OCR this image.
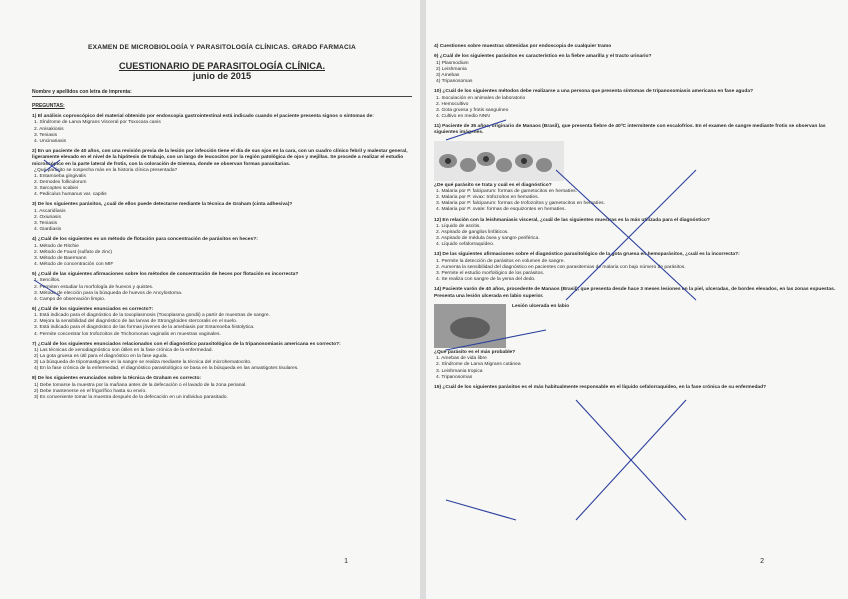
EXAMEN DE MICROBIOLOGÍA Y PARASITOLOGÍA CLÍNICAS. GRADO FARMACIA

CUESTIONARIO DE PARASITOLOGÍA CLÍNICA.

junio de 2015

Nombre y apellidos con letra de imprenta:

PREGUNTAS:

1) El análisis coproscópico del material obtenido por endoscopia gastrointestinal está indicado cuando el paciente presenta signos o síntomas de:

1. Síndrome de Larva Migrans Visceral por Toxocara canis

2. Anisakiosis

3. Teniasis

4. Uncinariasis

2) En un paciente de 40 años, con una revisión previa de la lesión por infección tiene el día de sus ojos en la cara, con un cuadro clínico febril y malestar general, ligeramente elevado en el nivel de la hipótesis de trabajo, con un largo de leucocitos por la región patológica de ojos y mejillas. Se procede a realizar el estudio microscópico en la parte lateral de frotis, con la coloración de Giemsa, donde se observan formas parasitarias.

¿Qué parásito se sospecha más en la historia clínica presentada?

1. Entamoeba gingivalis

2. Demodex folliculorum

3. Sarcoptes scabiei

4. Pediculus humanus var. capitis

3) De los siguientes parásitos, ¿cuál de ellos puede detectarse mediante la técnica de Graham (cinta adhesiva)?

1. Ascaridíasis

2. Oxiuriasis

3. Teniasis

4. Giardiasis

4) ¿Cuál de los siguientes es un método de flotación para concentración de parásitos en heces?:

1. Método de Ritchie

2. Método de Faust (sulfato de zinc)

3. Método de Baermann

4. Método de concentración con MIF

5) ¿Cuál de las siguientes afirmaciones sobre los métodos de concentración de heces por flotación es incorrecta?

1. Sencillos.

2. Permiten estudiar la morfología de huevos y quistes.

3. Método de elección para la búsqueda de huevos de Ancylostoma.

4. Campo de observación limpio.

6) ¿Cuál de los siguientes enunciados es correcto?:

1. Está indicado para el diagnóstico de la toxoplasmosis (Toxoplasma gondii) a partir de muestras de sangre.

2. Mejora la sensibilidad del diagnóstico de las larvas de Strongyloides stercoralis en el suelo.

3. Está indicado para el diagnóstico de las formas jóvenes de la amebiasis por Entamoeba histolytica.

4. Permite concentrar los trofozoítos de Trichomonas vaginalis en muestras vaginales.

7) ¿Cuál de los siguientes enunciados relacionados con el diagnóstico parasitológico de la tripanosomiasis americana es correcto?:

1) Las técnicas de xenodiagnóstico son útiles en la fase crónica de la enfermedad.

2) La gota gruesa es útil para el diagnóstico en la fase aguda.

3) La búsqueda de tripomastigotes en la sangre se realiza mediante la técnica del microhematocrito.

4) En la fase crónica de la enfermedad, el diagnóstico parasitológico se basa en la búsqueda en las amastigotes tisulares.

8) De los siguientes enunciados sobre la técnica de Graham es correcto:

1) Debe tomarse la muestra por la mañana antes de la defecación o el lavado de la zona perianal.

2) Debe mantenerse en el frigorífico hasta su envío.

3) Es conveniente tomar la muestra después de la defecación en un individuo parasitado.

1

4) Cuestiones sobre muestras obtenidas por endoscopia de cualquier tramo

9) ¿Cuál de los siguientes parásitos es característico en la fiebre amarilla y el tracto urinario?

1) Plasmodium

2) Leishmania

3) Amebas

4) Tripanosomas

10) ¿Cuál de los siguientes métodos debe realizarse a una persona que presenta síntomas de tripanosomiasis americana en fase aguda?

1. Inoculación en animales de laboratorio

2. Hemocultivo

3. Gota gruesa y frotis sanguíneo

4. Cultivo en medio NNN

11) Paciente de 35 años, originario de Manaos (Brasil), que presenta fiebre de 40ºC intermitente con escalofríos. En el examen de sangre mediante frotis se observan las siguientes imágenes.

¿De qué parásito se trata y cuál es el diagnóstico?

1. Malaria por P. falciparum: formas de gametocitos en hematíes.

2. Malaria por P. vivax: trofozoítos en hematíes.

3. Malaria por P. falciparum: formas de trofozoítos y gametocitos en hematíes.

4. Malaria por P. ovale: formas de esquizontes en hematíes.

12) En relación con la leishmaniasis visceral, ¿cuál de las siguientes muestras es la más utilizada para el diagnóstico?

1. Líquido de ascitis.

2. Aspirado de ganglios linfáticos.

3. Aspirado de médula ósea y sangre periférica.

4. Líquido cefalorraquídeo.

13) De las siguientes afirmaciones sobre el diagnóstico parasitológico de la gota gruesa en hemoparásitos, ¿cuál es la incorrecta?:

1. Permite la detección de parásitos en volumen de sangre.

2. Aumenta la sensibilidad del diagnóstico en pacientes con parasitemias de malaria con bajo número de parásitos.

3. Permite el estudio morfológico de los parásitos.

4. Se realiza con sangre de la yema del dedo.

14) Paciente varón de 40 años, procedente de Manaos (Brasil), que presenta desde hace 3 meses lesiones en la piel, ulceradas, de bordes elevados, en las zonas expuestas. Presenta una lesión ulcerada en labio superior.

Lesión ulcerada en labio

¿Qué parásito es el más probable?

1. Amebas de vida libre

2. Síndrome de Larva Migrans cutánea

3. Leishmania tropica

4. Tripanosomas

15) ¿Cuál de los siguientes parásitos es el más habitualmente responsable en el líquido cefalorraquídeo, en la fase crónica de su enfermedad?

2
